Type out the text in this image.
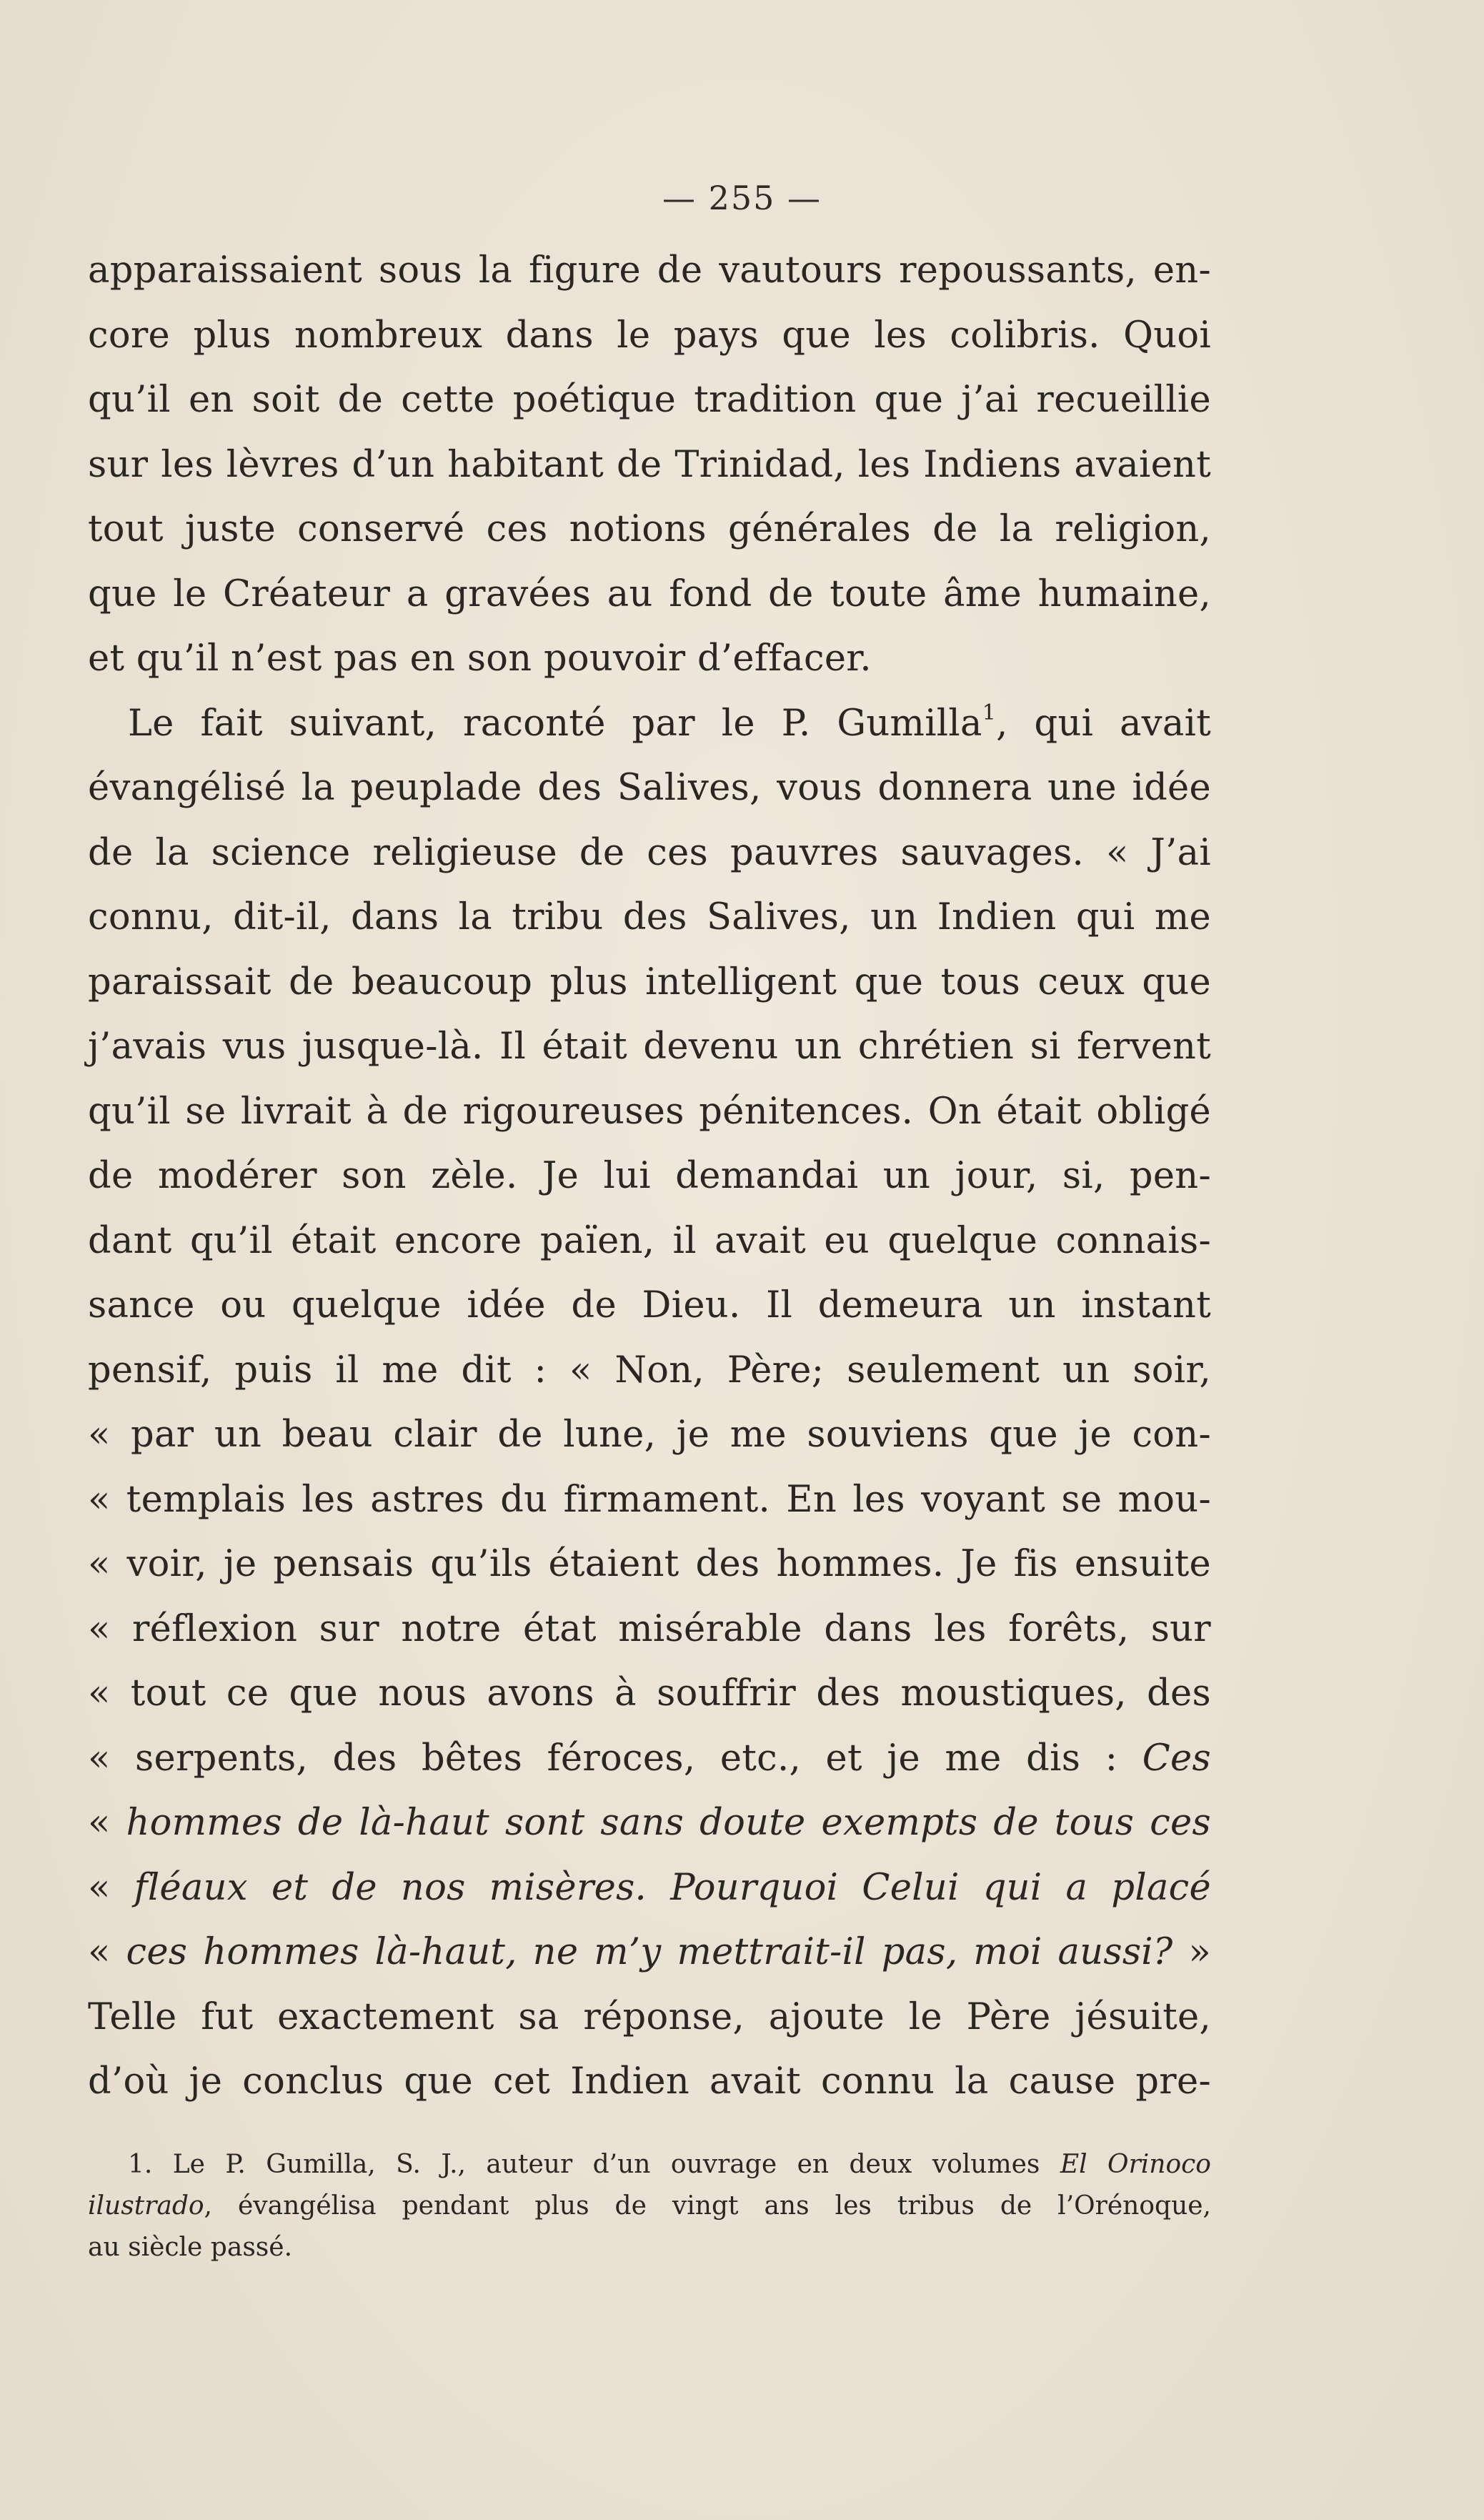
— 255 —
apparaissaient sous la figure de vautours repoussants, en-
core plus nombreux dans le pays que les colibris. Quoi
qu’il en soit de cette poétique tradition que j’ai recueillie
sur les lèvres d’un habitant de Trinidad, les Indiens avaient
tout juste conservé ces notions générales de la religion,
que le Créateur a gravées au fond de toute âme humaine,
et qu’il n’est pas en son pouvoir d’effacer.
Le fait suivant, raconté par le P. Gumilla$^1$, qui avait
évangélisé la peuplade des Salives, vous donnera une idée
de la science religieuse de ces pauvres sauvages. « J’ai
connu, dit-il, dans la tribu des Salives, un Indien qui me
paraissait de beaucoup plus intelligent que tous ceux que
j’avais vus jusque-là. Il était devenu un chrétien si fervent
qu’il se livrait à de rigoureuses pénitences. On était obligé
de modérer son zèle. Je lui demandai un jour, si, pen-
dant qu’il était encore païen, il avait eu quelque connais-
sance ou quelque idée de Dieu. Il demeura un instant
pensif, puis il me dit : « Non, Père; seulement un soir,
« par un beau clair de lune, je me souviens que je con-
« templais les astres du firmament. En les voyant se mou-
« voir, je pensais qu’ils étaient des hommes. Je fis ensuite
« réflexion sur notre état misérable dans les forêts, sur
« tout ce que nous avons à souffrir des moustiques, des
« serpents, des bêtes féroces, etc., et je me dis : Ces
« hommes de là-haut sont sans doute exempts de tous ces
« fléaux et de nos misères. Pourquoi Celui qui a placé
« ces hommes là-haut, ne m’y mettrait-il pas, moi aussi? »
Telle fut exactement sa réponse, ajoute le Père jésuite,
d’où je conclus que cet Indien avait connu la cause pre-
1. Le P. Gumilla, S. J., auteur d’un ouvrage en deux volumes El Orinoco
ilustrado, évangélisa pendant plus de vingt ans les tribus de l’Orénoque,
au siècle passé.
